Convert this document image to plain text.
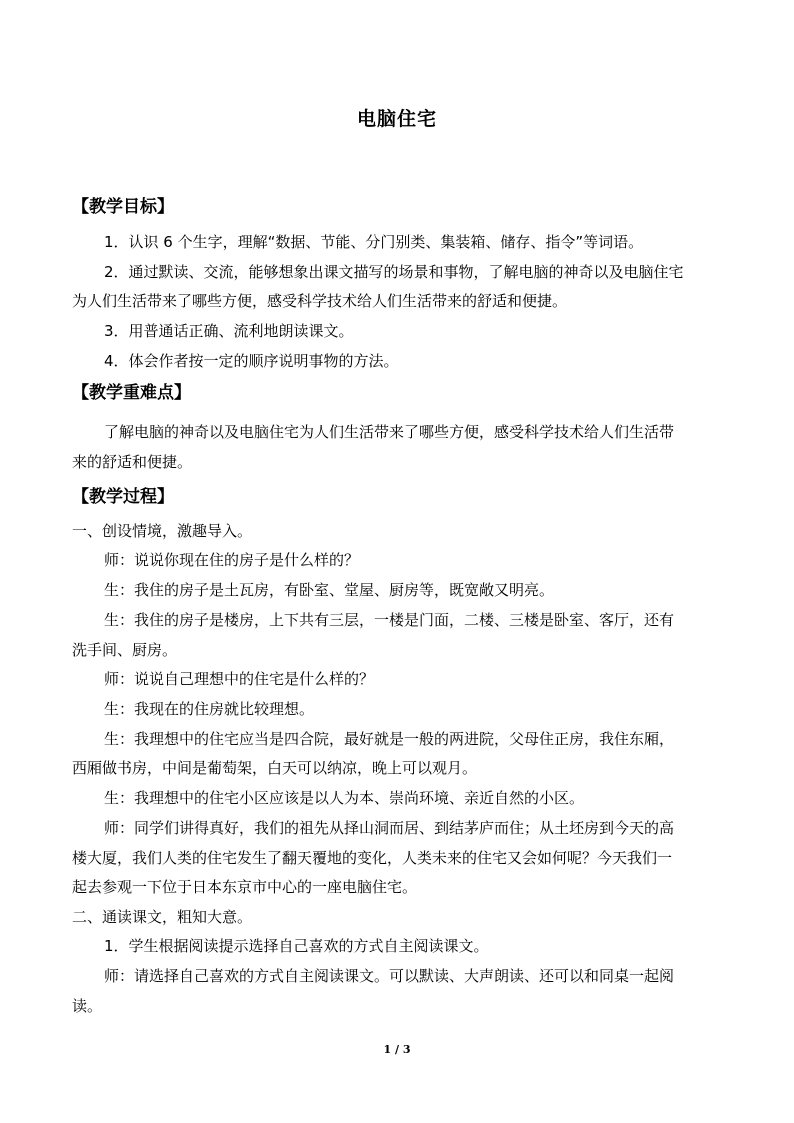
电脑住宅
【教学目标】
1．认识 6 个生字，理解“数据、节能、分门别类、集装箱、储存、指令”等词语。
2．通过默读、交流，能够想象出课文描写的场景和事物，了解电脑的神奇以及电脑住宅
为人们生活带来了哪些方便，感受科学技术给人们生活带来的舒适和便捷。
3．用普通话正确、流利地朗读课文。
4．体会作者按一定的顺序说明事物的方法。
【教学重难点】
了解电脑的神奇以及电脑住宅为人们生活带来了哪些方便，感受科学技术给人们生活带
来的舒适和便捷。
【教学过程】
一、创设情境，激趣导入。
师：说说你现在住的房子是什么样的？
生：我住的房子是土瓦房，有卧室、堂屋、厨房等，既宽敞又明亮。
生：我住的房子是楼房，上下共有三层，一楼是门面，二楼、三楼是卧室、客厅，还有
洗手间、厨房。
师：说说自己理想中的住宅是什么样的？
生：我现在的住房就比较理想。
生：我理想中的住宅应当是四合院，最好就是一般的两进院，父母住正房，我住东厢，
西厢做书房，中间是葡萄架，白天可以纳凉，晚上可以观月。
生：我理想中的住宅小区应该是以人为本、崇尚环境、亲近自然的小区。
师：同学们讲得真好，我们的祖先从择山洞而居、到结茅庐而住；从土坯房到今天的高
楼大厦，我们人类的住宅发生了翻天覆地的变化，人类未来的住宅又会如何呢？今天我们一
起去参观一下位于日本东京市中心的一座电脑住宅。
二、通读课文，粗知大意。
1．学生根据阅读提示选择自己喜欢的方式自主阅读课文。
师：请选择自己喜欢的方式自主阅读课文。可以默读、大声朗读、还可以和同桌一起阅
读。
1 / 3
